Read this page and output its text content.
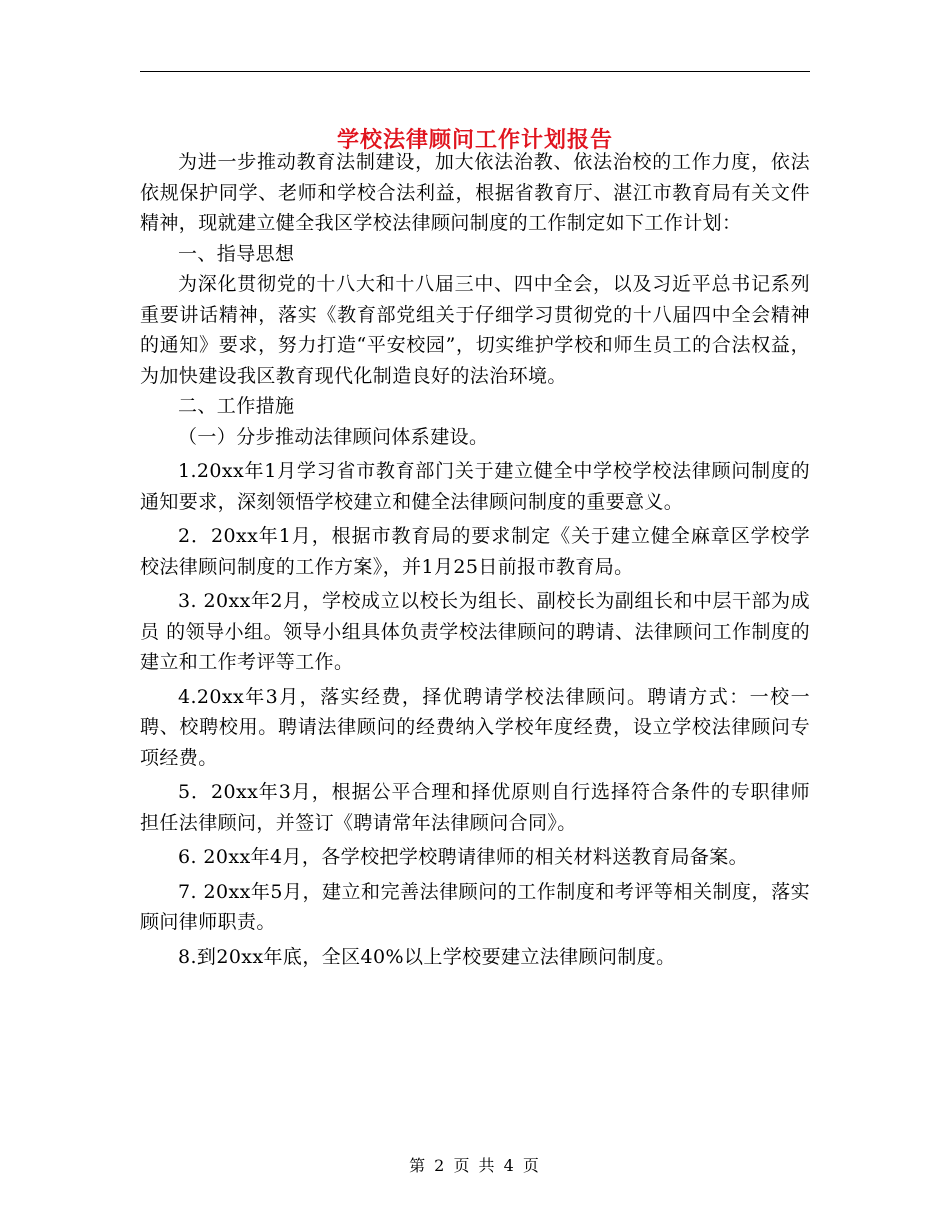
学校法律顾问工作计划报告

为进一步推动教育法制建设，加大依法治教、依法治校的工作力度，依法依规保护同学、老师和学校合法利益，根据省教育厅、湛江市教育局有关文件精神，现就建立健全我区学校法律顾问制度的工作制定如下工作计划：

一、指导思想

为深化贯彻党的十八大和十八届三中、四中全会，以及习近平总书记系列重要讲话精神，落实《教育部党组关于仔细学习贯彻党的十八届四中全会精神的通知》要求，努力打造“平安校园”，切实维护学校和师生员工的合法权益，为加快建设我区教育现代化制造良好的法治环境。

二、工作措施

（一）分步推动法律顾问体系建设。

1.20xx年1月学习省市教育部门关于建立健全中学校学校法律顾问制度的通知要求，深刻领悟学校建立和健全法律顾问制度的重要意义。

2．20xx年1月，根据市教育局的要求制定《关于建立健全麻章区学校学校法律顾问制度的工作方案》，并1月25日前报市教育局。

3. 20xx年2月，学校成立以校长为组长、副校长为副组长和中层干部为成员 的领导小组。领导小组具体负责学校法律顾问的聘请、法律顾问工作制度的建立和工作考评等工作。

4.20xx年3月，落实经费，择优聘请学校法律顾问。聘请方式：一校一聘、校聘校用。聘请法律顾问的经费纳入学校年度经费，设立学校法律顾问专项经费。

5．20xx年3月，根据公平合理和择优原则自行选择符合条件的专职律师担任法律顾问，并签订《聘请常年法律顾问合同》。

6. 20xx年4月，各学校把学校聘请律师的相关材料送教育局备案。

7. 20xx年5月，建立和完善法律顾问的工作制度和考评等相关制度，落实顾问律师职责。

8.到20xx年底，全区40%以上学校要建立法律顾问制度。

第 2 页 共 4 页
